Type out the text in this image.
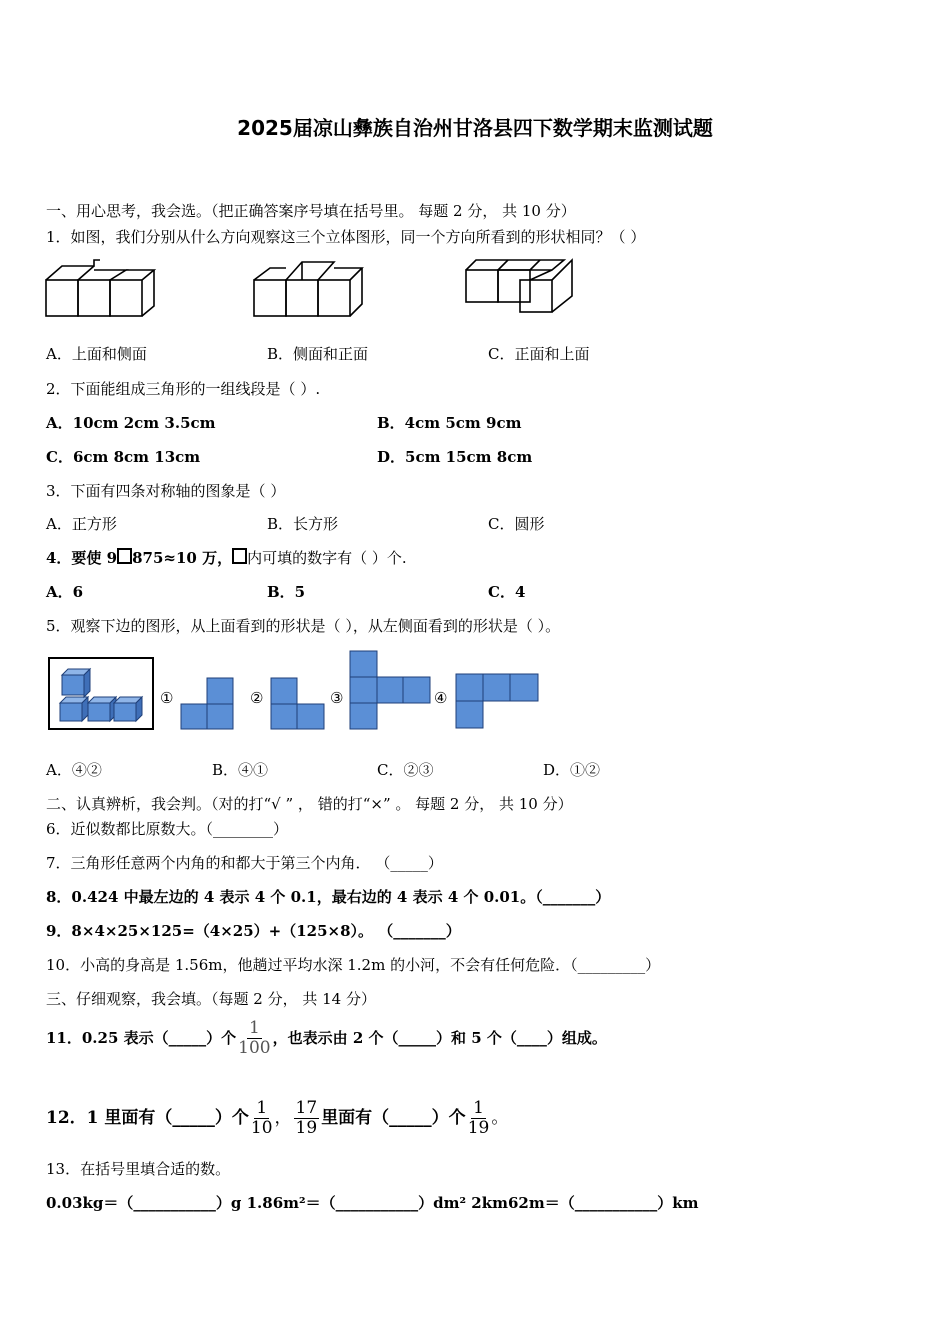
2025届凉山彝族自治州甘洛县四下数学期末监测试题
一、用心思考，我会选。（把正确答案序号填在括号里。 每题 2 分， 共 10 分）
1．如图，我们分别从什么方向观察这三个立体图形，同一个方向所看到的形状相同？（ ）
A．上面和侧面	B．侧面和正面	C．正面和上面
2．下面能组成三角形的一组线段是（ ）.
A．10cm 2cm 3.5cm	B．4cm 5cm 9cm
C．6cm 8cm 13cm	D．5cm 15cm 8cm
3．下面有四条对称轴的图象是（ ）
A．正方形	B．长方形	C．圆形
4．要使 9 875≈10 万， 内可填的数字有（ ）个.
A．6	B．5	C．4
5．观察下边的图形，从上面看到的形状是（ ），从左侧面看到的形状是（ ）。
①	②	③	④
A．④②	B．④①	C．②③	D．①②
二、认真辨析，我会判。（对的打“√ ” ， 错的打“×” 。 每题 2 分， 共 10 分）
6．近似数都比原数大。（________）
7．三角形任意两个内角的和都大于第三个内角． （_____）
8．0.424 中最左边的 4 表示 4 个 0.1，最右边的 4 表示 4 个 0.01。（_______）
9．8×4×25×125=（4×25）+（125×8）。 （_______）
10．小高的身高是 1.56m，他趟过平均水深 1.2m 的小河，不会有任何危险．（_________）
三、仔细观察，我会填。（每题 2 分， 共 14 分）
11．0.25 表示（_____）个 $\frac{1}{100}$ ，也表示由 2 个（_____）和 5 个（____）组成。
12．1 里面有（_____）个 $\frac{1}{10}$ ， $\frac{17}{19}$ 里面有（_____）个 $\frac{1}{19}$ 。
13．在括号里填合适的数。
0.03kg＝（___________）g 1.86m²＝（___________）dm² 2km62m＝（___________）km
